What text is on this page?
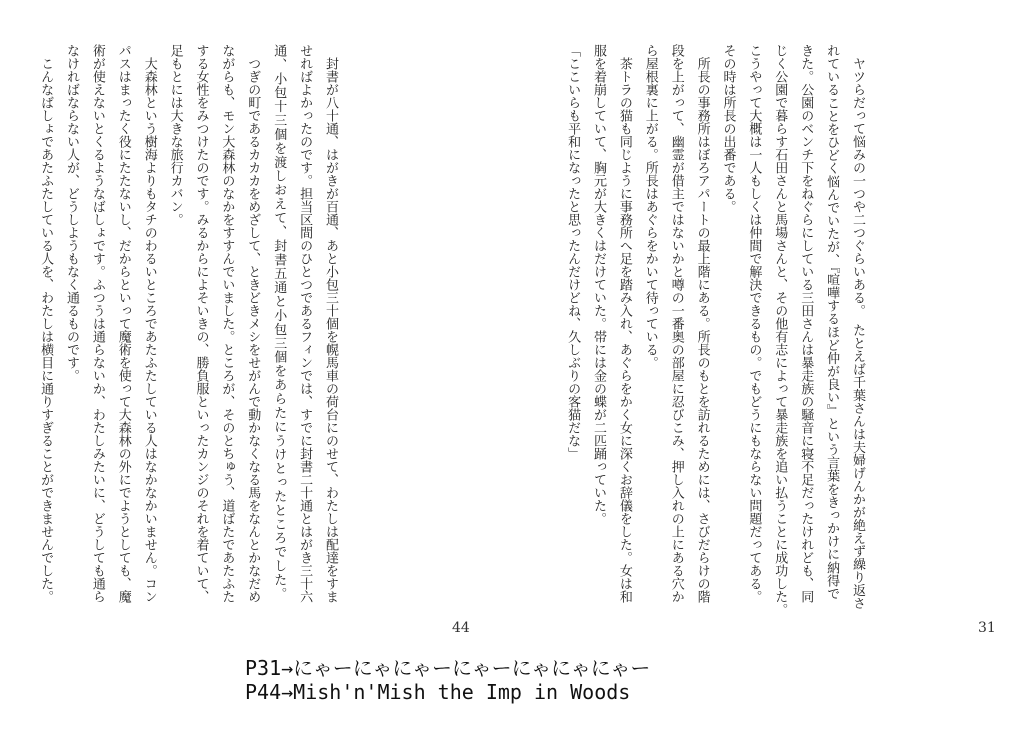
44
　封書が八十通、はがきが百通、あと小包三十個を幌馬車の荷台にのせて、わたしは配達をすま
せればよかったのです。担当区間のひとつであるフィンでは、すでに封書二十通とはがき三十六
通、小包十三個を渡しおえて、封書五通と小包三個をあらたにうけとったところでした。
　つぎの町であるカカカをめざして、ときどきメシをせがんで動かなくなる馬をなんとかなだめ
ながらも、モン大森林のなかをすすんでいました。ところが、そのとちゅう、道ばたであたふた
する女性をみつけたのです。みるからによそいきの、勝負服といったカンジのそれを着ていて、
足もとには大きな旅行カバン。
　大森林という樹海よりもタチのわるいところであたふたしている人はなかなかいません。コン
パスはまったく役にたたないし、だからといって魔術を使って大森林の外にでようとしても、魔
術が使えないとくるようなばしょです。ふつうは通らないか、わたしみたいに、どうしても通ら
なければならない人が、どうしようもなく通るものです。
　こんなばしょであたふたしている人を、わたしは横目に通りすぎることができませんでした。
31
　ヤツらだって悩みの一つや二つぐらいある。　たとえば千葉さんは夫婦げんかが絶えず繰り返さ
れていることをひどく悩んでいたが、『喧嘩するほど仲が良い』という言葉をきっかけに納得で
きた。公園のベンチ下をねぐらにしている三田さんは暴走族の騒音に寝不足だったけれども、同
じく公園で暮らす石田さんと馬場さんと、その他有志によって暴走族を追い払うことに成功した。
こうやって大概は一人もしくは仲間で解決できるもの。でもどうにもならない問題だってある。
その時は所長の出番である。
　所長の事務所はぼろアパートの最上階にある。所長のもとを訪れるためには、さびだらけの階
段を上がって、幽霊が借主ではないかと噂の一番奥の部屋に忍びこみ、押し入れの上にある穴か
ら屋根裏に上がる。所長はあぐらをかいて待っている。
　茶トラの猫も同じように事務所へ足を踏み入れ、あぐらをかく女に深くお辞儀をした。女は和
服を着崩していて、胸元が大きくはだけていた。帯には金の蝶が二匹踊っていた。
「ここいらも平和になったと思ったんだけどね、久しぶりの客猫だな」
P31→にゃーにゃにゃーにゃーにゃにゃにゃー
P44→Mish'n'Mish the Imp in Woods
